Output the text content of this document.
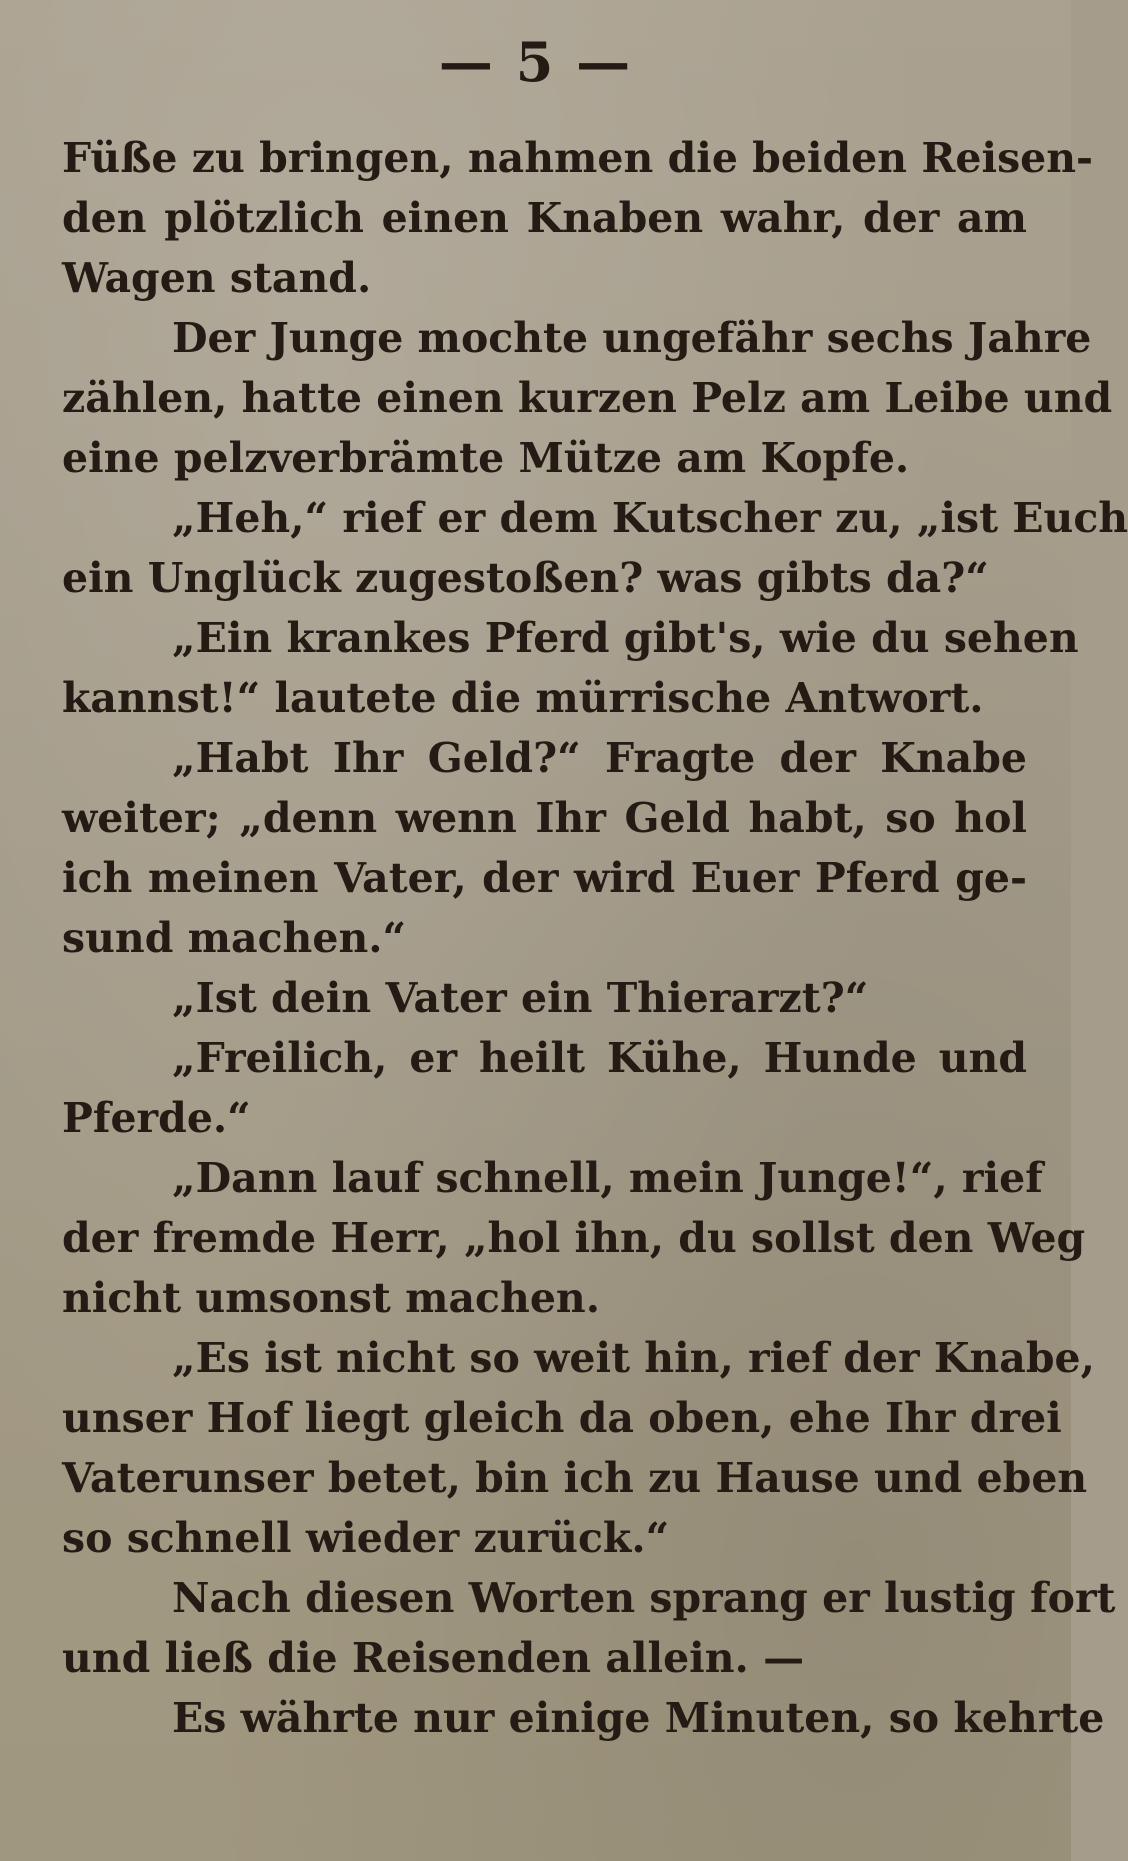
— 5 —
Füße zu bringen, nahmen die beiden Reisen-
den plötzlich einen Knaben wahr, der am
Wagen stand.
Der Junge mochte ungefähr sechs Jahre
zählen, hatte einen kurzen Pelz am Leibe und
eine pelzverbrämte Mütze am Kopfe.
„Heh,“ rief er dem Kutscher zu, „ist Euch
ein Unglück zugestoßen? was gibts da?“
„Ein krankes Pferd gibt's, wie du sehen
kannst!“ lautete die mürrische Antwort.
„Habt Ihr Geld?“ Fragte der Knabe
weiter; „denn wenn Ihr Geld habt, so hol
ich meinen Vater, der wird Euer Pferd ge-
sund machen.“
„Ist dein Vater ein Thierarzt?“
„Freilich, er heilt Kühe, Hunde und
Pferde.“
„Dann lauf schnell, mein Junge!“, rief
der fremde Herr, „hol ihn, du sollst den Weg
nicht umsonst machen.
„Es ist nicht so weit hin, rief der Knabe,
unser Hof liegt gleich da oben, ehe Ihr drei
Vaterunser betet, bin ich zu Hause und eben
so schnell wieder zurück.“
Nach diesen Worten sprang er lustig fort
und ließ die Reisenden allein. —
Es währte nur einige Minuten, so kehrte
